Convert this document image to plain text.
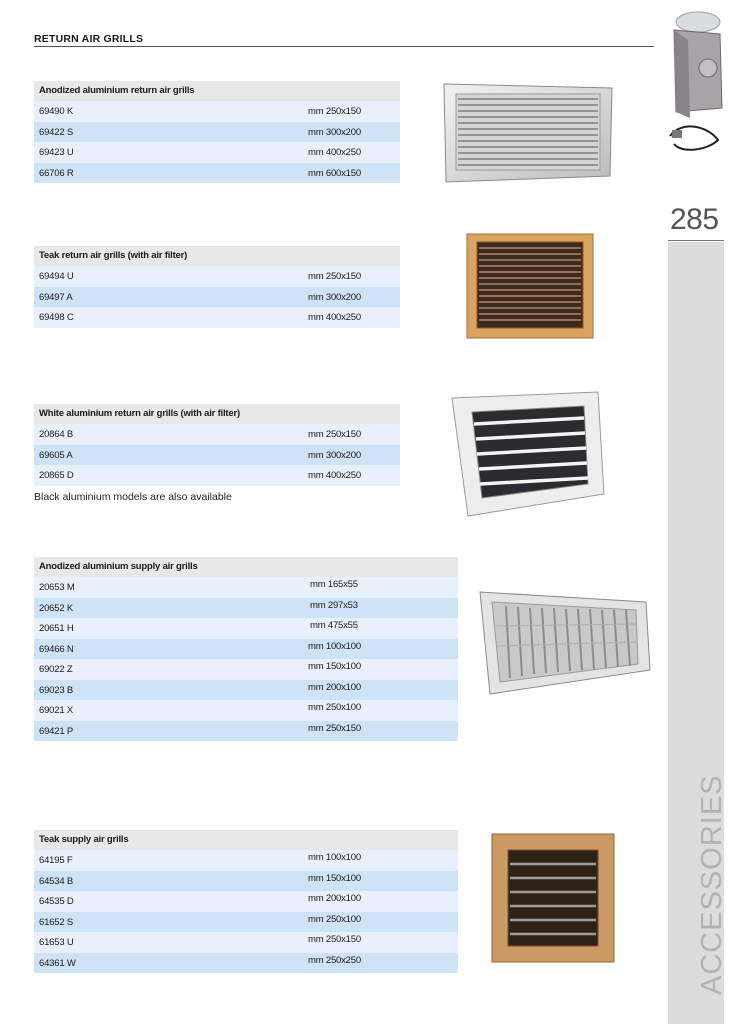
RETURN AIR GRILLS
Anodized aluminium return air grills
69490 K	mm 250x150
69422 S	mm 300x200
69423 U	mm 400x250
66706 R	mm 600x150
Teak return air grills (with air filter)
69494 U	mm 250x150
69497 A	mm 300x200
69498 C	mm 400x250
White aluminium return air grills (with air filter)
20864 B	mm 250x150
69605 A	mm 300x200
20865 D	mm 400x250
Black aluminium models are also available
Anodized aluminium supply air grills
20653 M	mm 165x55
20652 K	mm 297x53
20651 H	mm 475x55
69466 N	mm 100x100
69022 Z	mm 150x100
69023 B	mm 200x100
69021 X	mm 250x100
69421 P	mm 250x150
Teak supply air grills
64195 F	mm 100x100
64534 B	mm 150x100
64535 D	mm 200x100
61652 S	mm 250x100
61653 U	mm 250x150
64361 W	mm 250x250
285
ACCESSORIES
